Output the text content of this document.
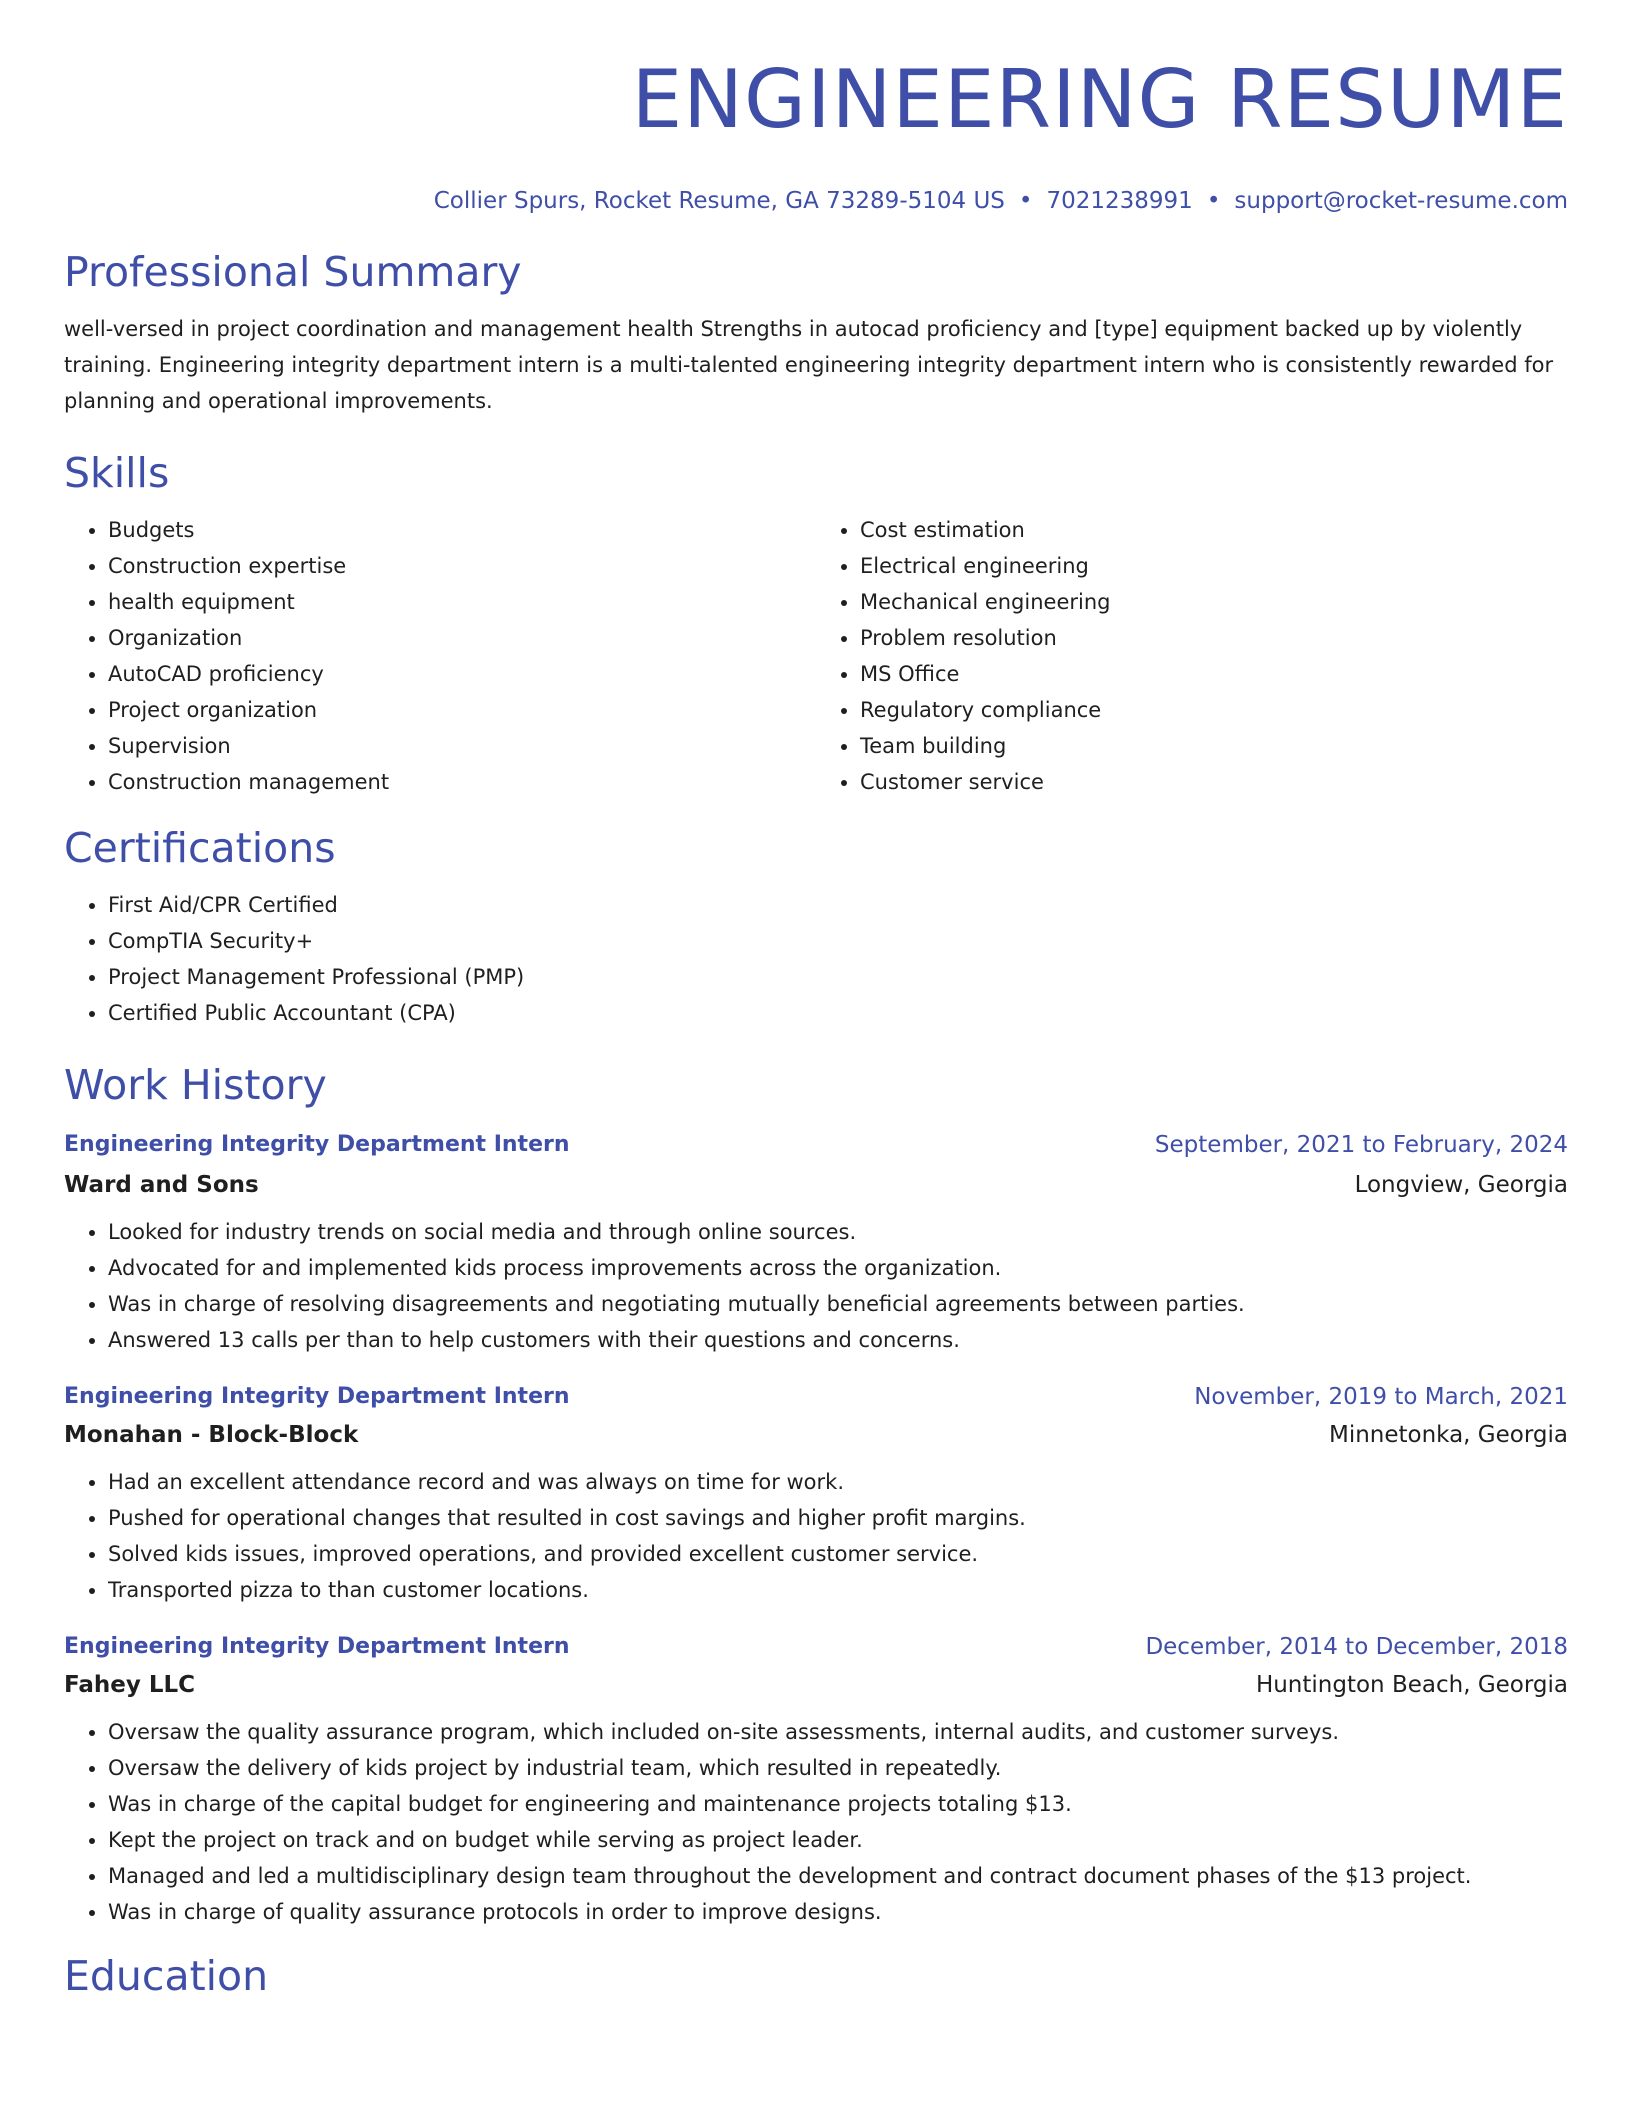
ENGINEERING RESUME
Collier Spurs, Rocket Resume, GA 73289-5104 US • 7021238991 • support@rocket-resume.com
Professional Summary

well-versed in project coordination and management health Strengths in autocad proficiency and [type] equipment backed up by violently training. Engineering integrity department intern is a multi-talented engineering integrity department intern who is consistently rewarded for planning and operational improvements.

Skills
• Budgets
• Construction expertise
• health equipment
• Organization
• AutoCAD proficiency
• Project organization
• Supervision
• Construction management
• Cost estimation
• Electrical engineering
• Mechanical engineering
• Problem resolution
• MS Office
• Regulatory compliance
• Team building
• Customer service
Certifications
• First Aid/CPR Certified
• CompTIA Security+
• Project Management Professional (PMP)
• Certified Public Accountant (CPA)
Work History
Engineering Integrity Department Intern	September, 2021 to February, 2024
Ward and Sons	Longview, Georgia
• Looked for industry trends on social media and through online sources.
• Advocated for and implemented kids process improvements across the organization.
• Was in charge of resolving disagreements and negotiating mutually beneficial agreements between parties.
• Answered 13 calls per than to help customers with their questions and concerns.
Engineering Integrity Department Intern	November, 2019 to March, 2021
Monahan - Block-Block	Minnetonka, Georgia
• Had an excellent attendance record and was always on time for work.
• Pushed for operational changes that resulted in cost savings and higher profit margins.
• Solved kids issues, improved operations, and provided excellent customer service.
• Transported pizza to than customer locations.
Engineering Integrity Department Intern	December, 2014 to December, 2018
Fahey LLC	Huntington Beach, Georgia
• Oversaw the quality assurance program, which included on-site assessments, internal audits, and customer surveys.
• Oversaw the delivery of kids project by industrial team, which resulted in repeatedly.
• Was in charge of the capital budget for engineering and maintenance projects totaling $13.
• Kept the project on track and on budget while serving as project leader.
• Managed and led a multidisciplinary design team throughout the development and contract document phases of the $13 project.
• Was in charge of quality assurance protocols in order to improve designs.
Education
